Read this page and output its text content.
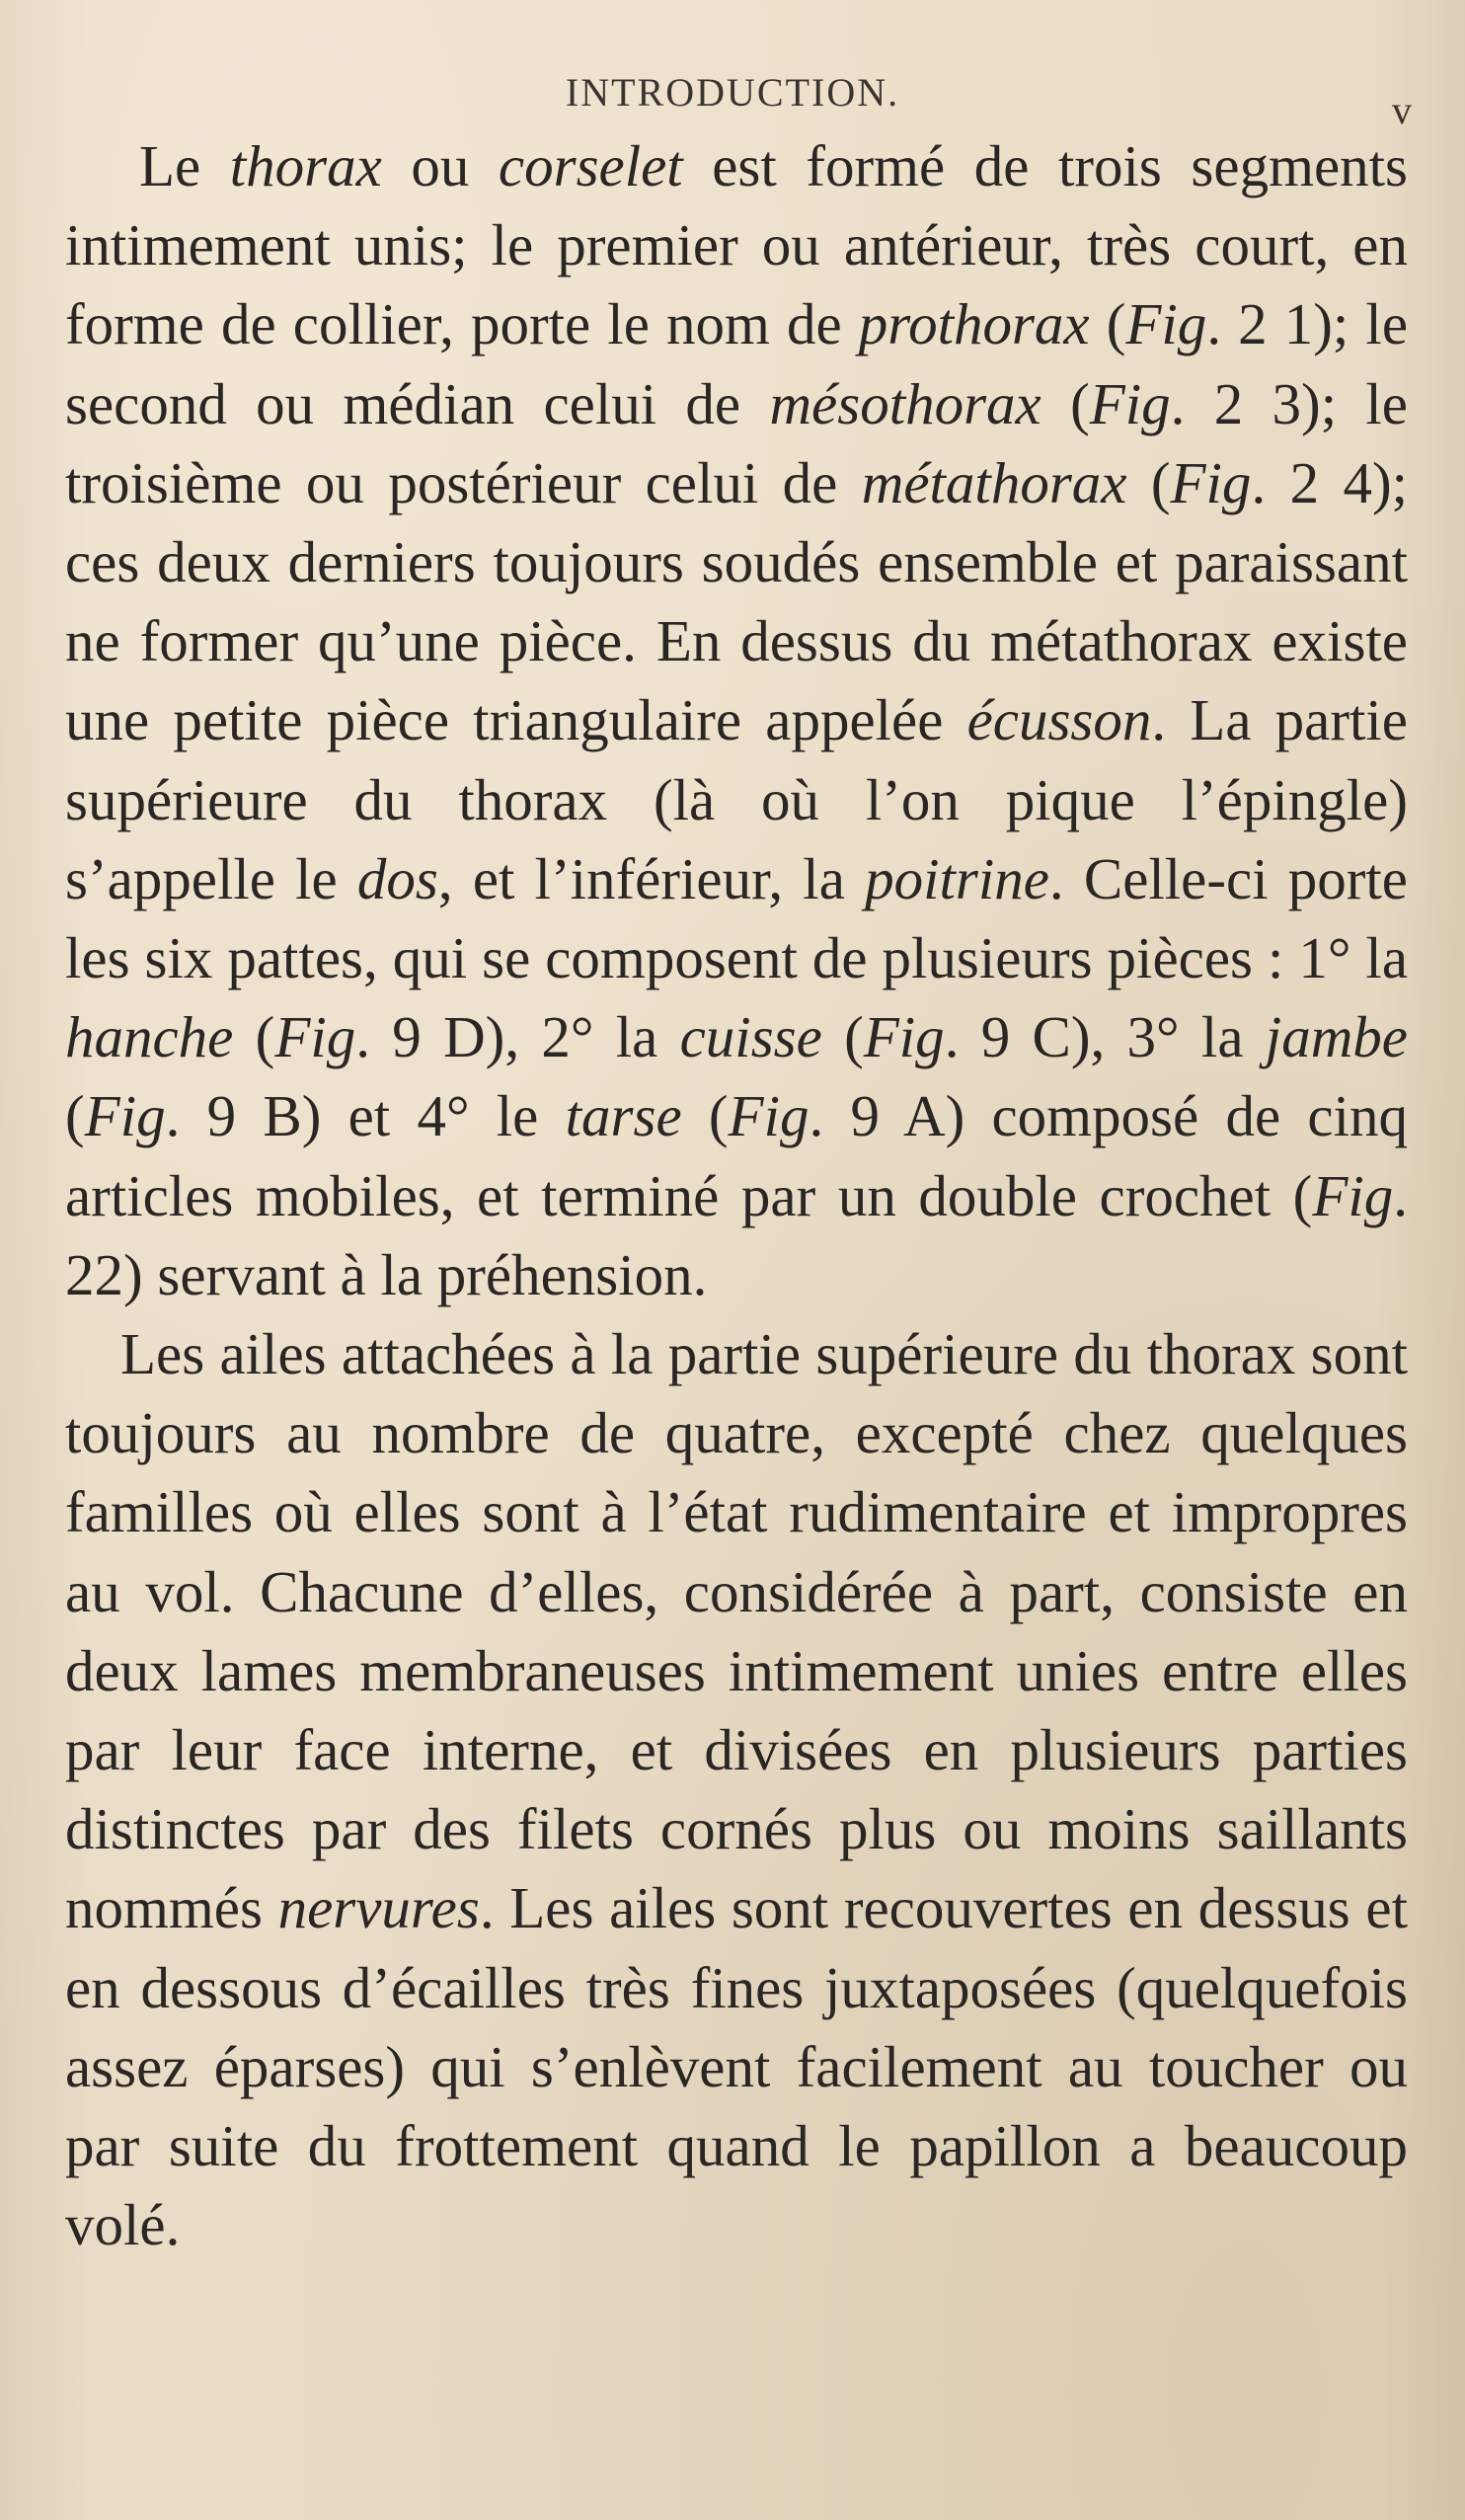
INTRODUCTION.	v

Le thorax ou corselet est formé de trois segments intimement unis; le premier ou antérieur, très court, en forme de collier, porte le nom de prothorax (Fig. 2 1); le second ou médian celui de mésothorax (Fig. 2 3); le troisième ou postérieur celui de métathorax (Fig. 2 4); ces deux derniers toujours soudés ensemble et paraissant ne former qu’une pièce. En dessus du métathorax existe une petite pièce triangulaire appelée écusson. La partie supérieure du thorax (là où l’on pique l’épingle) s’appelle le dos, et l’inférieur, la poitrine. Celle-ci porte les six pattes, qui se composent de plusieurs pièces : 1° la hanche (Fig. 9 D), 2° la cuisse (Fig. 9 C), 3° la jambe (Fig. 9 B) et 4° le tarse (Fig. 9 A) composé de cinq articles mobiles, et terminé par un double crochet (Fig. 22) servant à la préhension.

Les ailes attachées à la partie supérieure du thorax sont toujours au nombre de quatre, excepté chez quelques familles où elles sont à l’état rudimentaire et impropres au vol. Chacune d’elles, considérée à part, consiste en deux lames membraneuses intimement unies entre elles par leur face interne, et divisées en plusieurs parties distinctes par des filets cornés plus ou moins saillants nommés nervures. Les ailes sont recouvertes en dessus et en dessous d’écailles très fines juxtaposées (quelquefois assez éparses) qui s’enlèvent facilement au toucher ou par suite du frottement quand le papillon a beaucoup volé.
